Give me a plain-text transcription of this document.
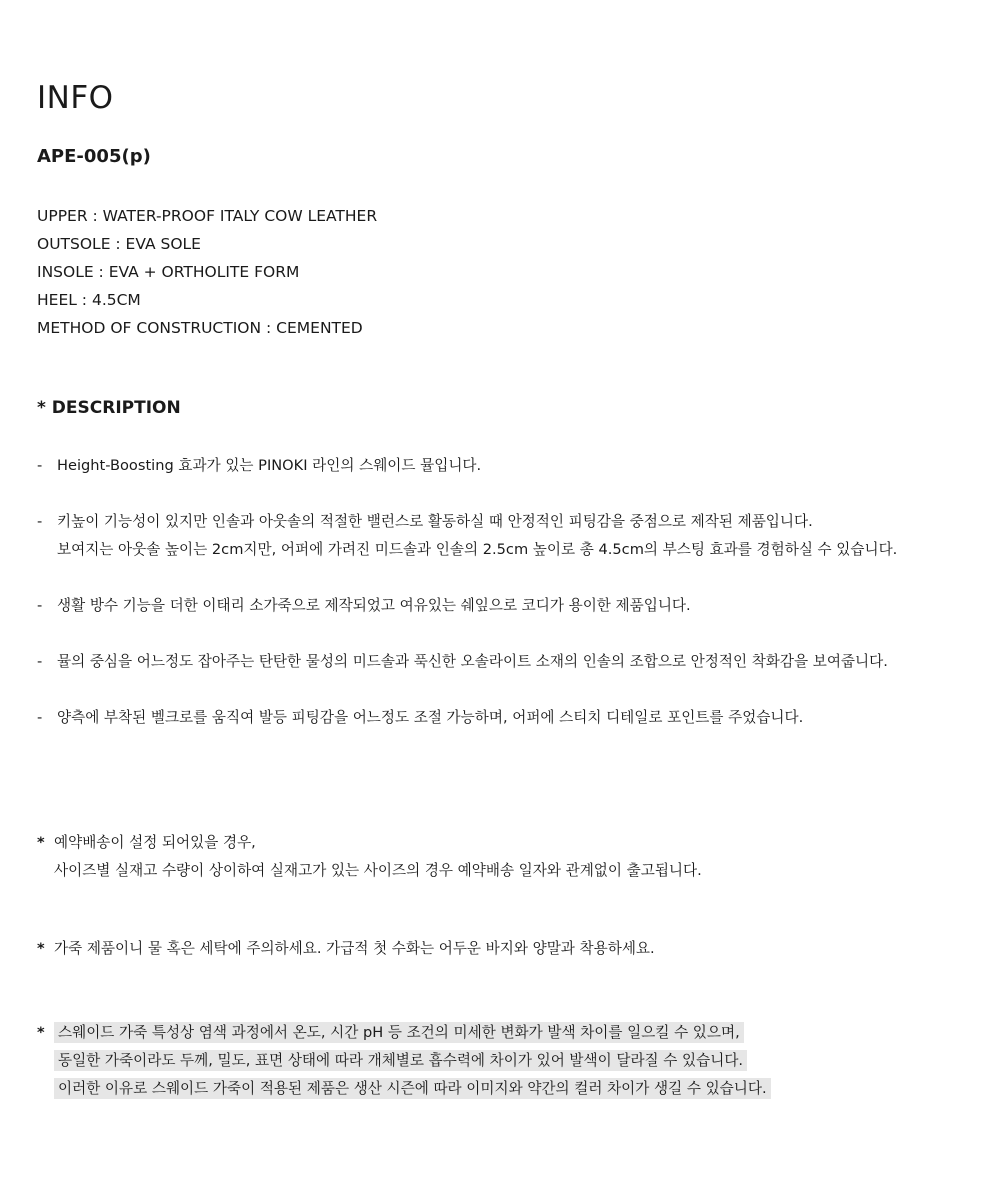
INFO
APE-005(p)
UPPER : WATER-PROOF ITALY COW LEATHER
OUTSOLE : EVA SOLE
INSOLE : EVA + ORTHOLITE FORM
HEEL : 4.5CM
METHOD OF CONSTRUCTION : CEMENTED
* DESCRIPTION
- Height-Boosting 효과가 있는 PINOKI 라인의 스웨이드 뮬입니다.
- 키높이 기능성이 있지만 인솔과 아웃솔의 적절한 밸런스로 활동하실 때 안정적인 피팅감을 중점으로 제작된 제품입니다.
보여지는 아웃솔 높이는 2cm지만, 어퍼에 가려진 미드솔과 인솔의 2.5cm 높이로 총 4.5cm의 부스팅 효과를 경험하실 수 있습니다.
- 생활 방수 기능을 더한 이태리 소가죽으로 제작되었고 여유있는 쉐잎으로 코디가 용이한 제품입니다.
- 뮬의 중심을 어느정도 잡아주는 탄탄한 물성의 미드솔과 푹신한 오솔라이트 소재의 인솔의 조합으로 안정적인 착화감을 보여줍니다.
- 양측에 부착된 벨크로를 움직여 발등 피팅감을 어느정도 조절 가능하며, 어퍼에 스티치 디테일로 포인트를 주었습니다.
* 예약배송이 설정 되어있을 경우,
사이즈별 실재고 수량이 상이하여 실재고가 있는 사이즈의 경우 예약배송 일자와 관계없이 출고됩니다.
* 가죽 제품이니 물 혹은 세탁에 주의하세요. 가급적 첫 수화는 어두운 바지와 양말과 착용하세요.
* 스웨이드 가죽 특성상 염색 과정에서 온도, 시간 pH 등 조건의 미세한 변화가 발색 차이를 일으킬 수 있으며,
동일한 가죽이라도 두께, 밀도, 표면 상태에 따라 개체별로 흡수력에 차이가 있어 발색이 달라질 수 있습니다.
이러한 이유로 스웨이드 가죽이 적용된 제품은 생산 시즌에 따라 이미지와 약간의 컬러 차이가 생길 수 있습니다.
